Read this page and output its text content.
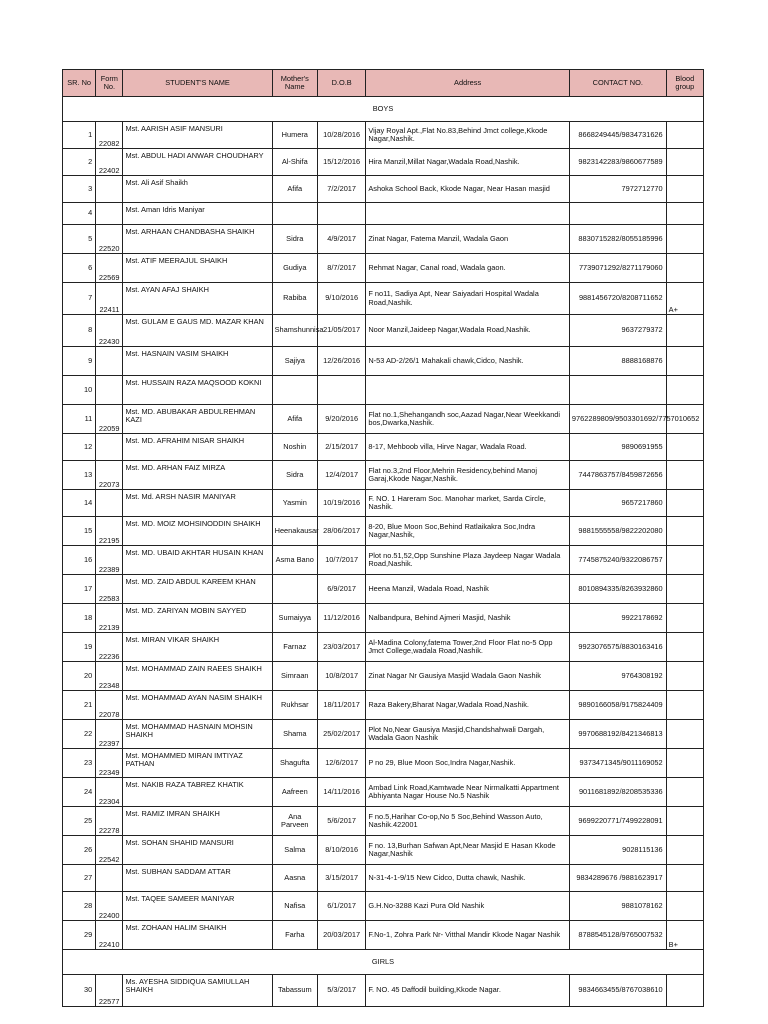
SR. No	Form No.	STUDENT'S NAME	Mother's Name	D.O.B	Address	CONTACT NO.	Blood group
BOYS							
1	22082	Mst. AARISH ASIF MANSURI	Humera	10/28/2016	Vijay Royal Apt.,Flat No.83,Behind Jmct college,Kkode Nagar,Nashik.	8668249445/9834731626	
2	22402	Mst. ABDUL HADI ANWAR CHOUDHARY	Al-Shifa	15/12/2016	Hira Manzil,Millat Nagar,Wadala Road,Nashik.	9823142283/9860677589	
3		Mst. Ali Asif Shaikh	Afifa	7/2/2017	Ashoka School Back, Kkode Nagar, Near Hasan masjid	7972712770	
4		Mst. Aman Idris Maniyar					
5	22520	Mst. ARHAAN CHANDBASHA SHAIKH	Sidra	4/9/2017	Zinat Nagar, Fatema Manzil, Wadala Gaon	8830715282/8055185996	
6	22569	Mst. ATIF MEERAJUL SHAIKH	Gudiya	8/7/2017	Rehmat Nagar, Canal road, Wadala gaon.	7739071292/8271179060	
7	22411	Mst. AYAN AFAJ SHAIKH	Rabiba	9/10/2016	F no11, Sadiya Apt, Near Saiyadari Hospital Wadala Road,Nashik.	9881456720/8208711652	A+
8	22430	Mst. GULAM E GAUS MD. MAZAR KHAN	Shamshunnisa	21/05/2017	Noor Manzil,Jaideep Nagar,Wadala Road,Nashik.	9637279372	
9		Mst. HASNAIN VASIM SHAIKH	Sajiya	12/26/2016	N-53 AD-2/26/1 Mahakali chawk,Cidco, Nashik.	8888168876	
10		Mst. HUSSAIN RAZA MAQSOOD KOKNI					
11	22059	Mst. MD. ABUBAKAR ABDULREHMAN KAZI	Afifa	9/20/2016	Flat no.1,Shehangandh soc,Aazad Nagar,Near Weekkandi bos,Dwarka,Nashik.	9762289809/9503301692/7757010652	
12		Mst. MD. AFRAHIM NISAR SHAIKH	Noshin	2/15/2017	8-17, Mehboob villa, Hirve Nagar, Wadala Road.	9890691955	
13	22073	Mst. MD. ARHAN FAIZ MIRZA	Sidra	12/4/2017	Flat no.3,2nd Floor,Mehrin Residency,behind Manoj Garaj,Kkode Nagar,Nashik.	7447863757/8459872656	
14		Mst. Md. ARSH NASIR MANIYAR	Yasmin	10/19/2016	F. NO. 1 Hareram Soc. Manohar market, Sarda Circle, Nashik.	9657217860	
15	22195	Mst. MD. MOIZ MOHSINODDIN SHAIKH	Heenakausar	28/06/2017	8-20, Blue Moon Soc,Behind Ratlaikakra Soc,Indra Nagar,Nashik,	9881555558/9822202080	
16	22389	Mst. MD. UBAID AKHTAR HUSAIN KHAN	Asma Bano	10/7/2017	Plot no.51,52,Opp Sunshine Plaza Jaydeep Nagar Wadala Road,Nashik.	7745875240/9322086757	
17	22583	Mst. MD. ZAID ABDUL KAREEM KHAN		6/9/2017	Heena Manzil, Wadala Road, Nashik	8010894335/8263932860	
18	22139	Mst. MD. ZARIYAN MOBIN SAYYED	Sumaiyya	11/12/2016	Nalbandpura, Behind Ajmeri Masjid, Nashik	9922178692	
19	22236	Mst. MIRAN VIKAR SHAIKH	Farnaz	23/03/2017	Al-Madina Colony,fatema Tower,2nd Floor Flat no-5 Opp Jmct College,wadala Road,Nashik.	9923076575/8830163416	
20	22348	Mst. MOHAMMAD ZAIN RAEES SHAIKH	Simraan	10/8/2017	Zinat Nagar Nr Gausiya Masjid Wadala Gaon Nashik	9764308192	
21	22078	Mst. MOHAMMAD AYAN NASIM SHAIKH	Rukhsar	18/11/2017	Raza Bakery,Bharat Nagar,Wadala Road,Nashik.	9890166058/9175824409	
22	22397	Mst. MOHAMMAD HASNAIN MOHSIN SHAIKH	Shama	25/02/2017	Plot No,Near Gausiya Masjid,Chandshahwali Dargah, Wadala Gaon Nashik	9970688192/8421346813	
23	22349	Mst. MOHAMMED MIRAN IMTIYAZ PATHAN	Shagufta	12/6/2017	P no 29, Blue Moon Soc,Indra Nagar,Nashik.	9373471345/9011169052	
24	22304	Mst. NAKIB RAZA TABREZ KHATIK	Aafreen	14/11/2016	Ambad Link Road,Kamtwade Near Nirmalkatti Appartment Abhiyanta Nagar House No.5 Nashik	9011681892/8208535336	
25	22278	Mst. RAMIZ IMRAN SHAIKH	Ana Parveen	5/6/2017	F no.5,Harihar Co-op,No 5 Soc,Behind Wasson Auto, Nashik.422001	9699220771/7499228091	
26	22542	Mst. SOHAN SHAHID MANSURI	Salma	8/10/2016	F no. 13,Burhan Safwan Apt,Near Masjid E Hasan Kkode Nagar,Nashik	9028115136	
27		Mst. SUBHAN SADDAM ATTAR	Aasna	3/15/2017	N-31-4-1-9/15 New Cidco, Dutta chawk, Nashik.	9834289676 /9881623917	
28	22400	Mst. TAQEE SAMEER MANIYAR	Nafisa	6/1/2017	G.H.No-3288 Kazi Pura Old Nashik	9881078162	
29	22410	Mst. ZOHAAN HALIM SHAIKH	Farha	20/03/2017	F.No-1, Zohra Park Nr- Vitthal Mandir Kkode Nagar Nashik	8788545128/9765007532	B+
GIRLS							
30	22577	Ms. AYESHA SIDDIQUA SAMIULLAH SHAIKH	Tabassum	5/3/2017	F. NO. 45 Daffodil building,Kkode Nagar.	9834663455/8767038610	
